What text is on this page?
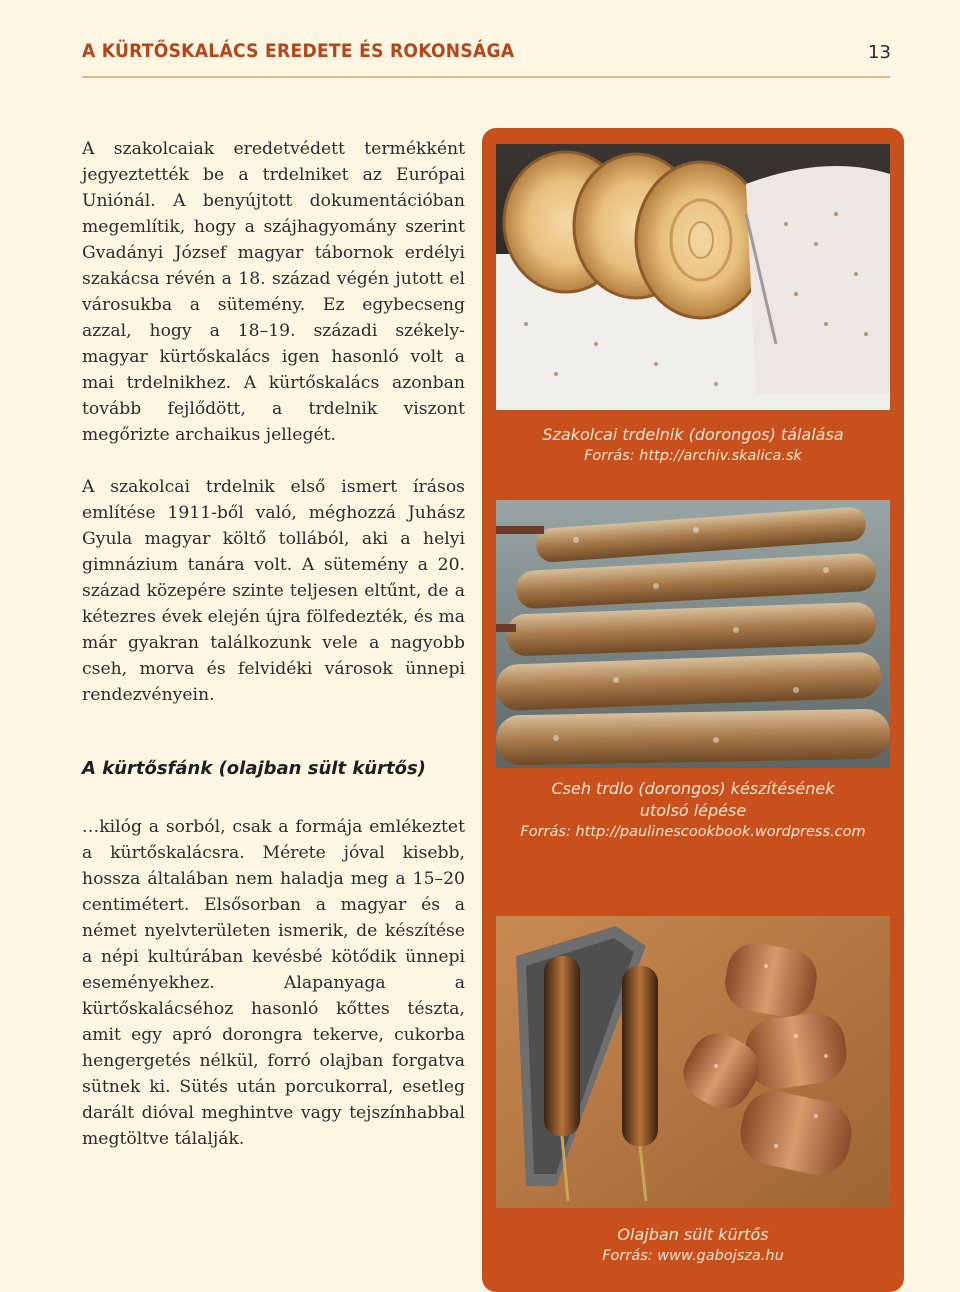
A KÜRTŐSKALÁCS EREDETE ÉS ROKONSÁGA	13

A szakolcaiak eredetvédett termékként jegyeztették be a trdelniket az Európai Uniónál. A benyújtott dokumentációban megemlítik, hogy a szájhagyomány szerint Gvadányi József magyar tábornok erdélyi szakácsa révén a 18. század végén jutott el városukba a sütemény. Ez egybecseng azzal, hogy a 18–19. századi székely-magyar kürtőskalács igen hasonló volt a mai trdelnikhez. A kürtőskalács azonban tovább fejlődött, a trdelnik viszont megőrizte archaikus jellegét.

A szakolcai trdelnik első ismert írásos említése 1911-ből való, méghozzá Juhász Gyula magyar költő tollából, aki a helyi gimnázium tanára volt. A sütemény a 20. század közepére szinte teljesen eltűnt, de a kétezres évek elején újra fölfedezték, és ma már gyakran találkozunk vele a nagyobb cseh, morva és felvidéki városok ünnepi rendezvényein.

A kürtősfánk (olajban sült kürtős)

…kilóg a sorból, csak a formája emlékeztet a kürtőskalácsra. Mérete jóval kisebb, hossza általában nem haladja meg a 15–20 centimétert. Elsősorban a magyar és a német nyelvterületen ismerik, de készítése a népi kultúrában kevésbé kötődik ünnepi eseményekhez. Alapanyaga a kürtőskalácséhoz hasonló kőttes tészta, amit egy apró dorongra tekerve, cukorba hengergetés nélkül, forró olajban forgatva sütnek ki. Sütés után porcukorral, esetleg darált dióval meghintve vagy tejszínhabbal megtöltve tálalják.

Szakolcai trdelnik (dorongos) tálalása
Forrás: http://archiv.skalica.sk
Cseh trdlo (dorongos) készítésének
utolsó lépése
Forrás: http://paulinescookbook.wordpress.com
Olajban sült kürtős
Forrás: www.gabojsza.hu
